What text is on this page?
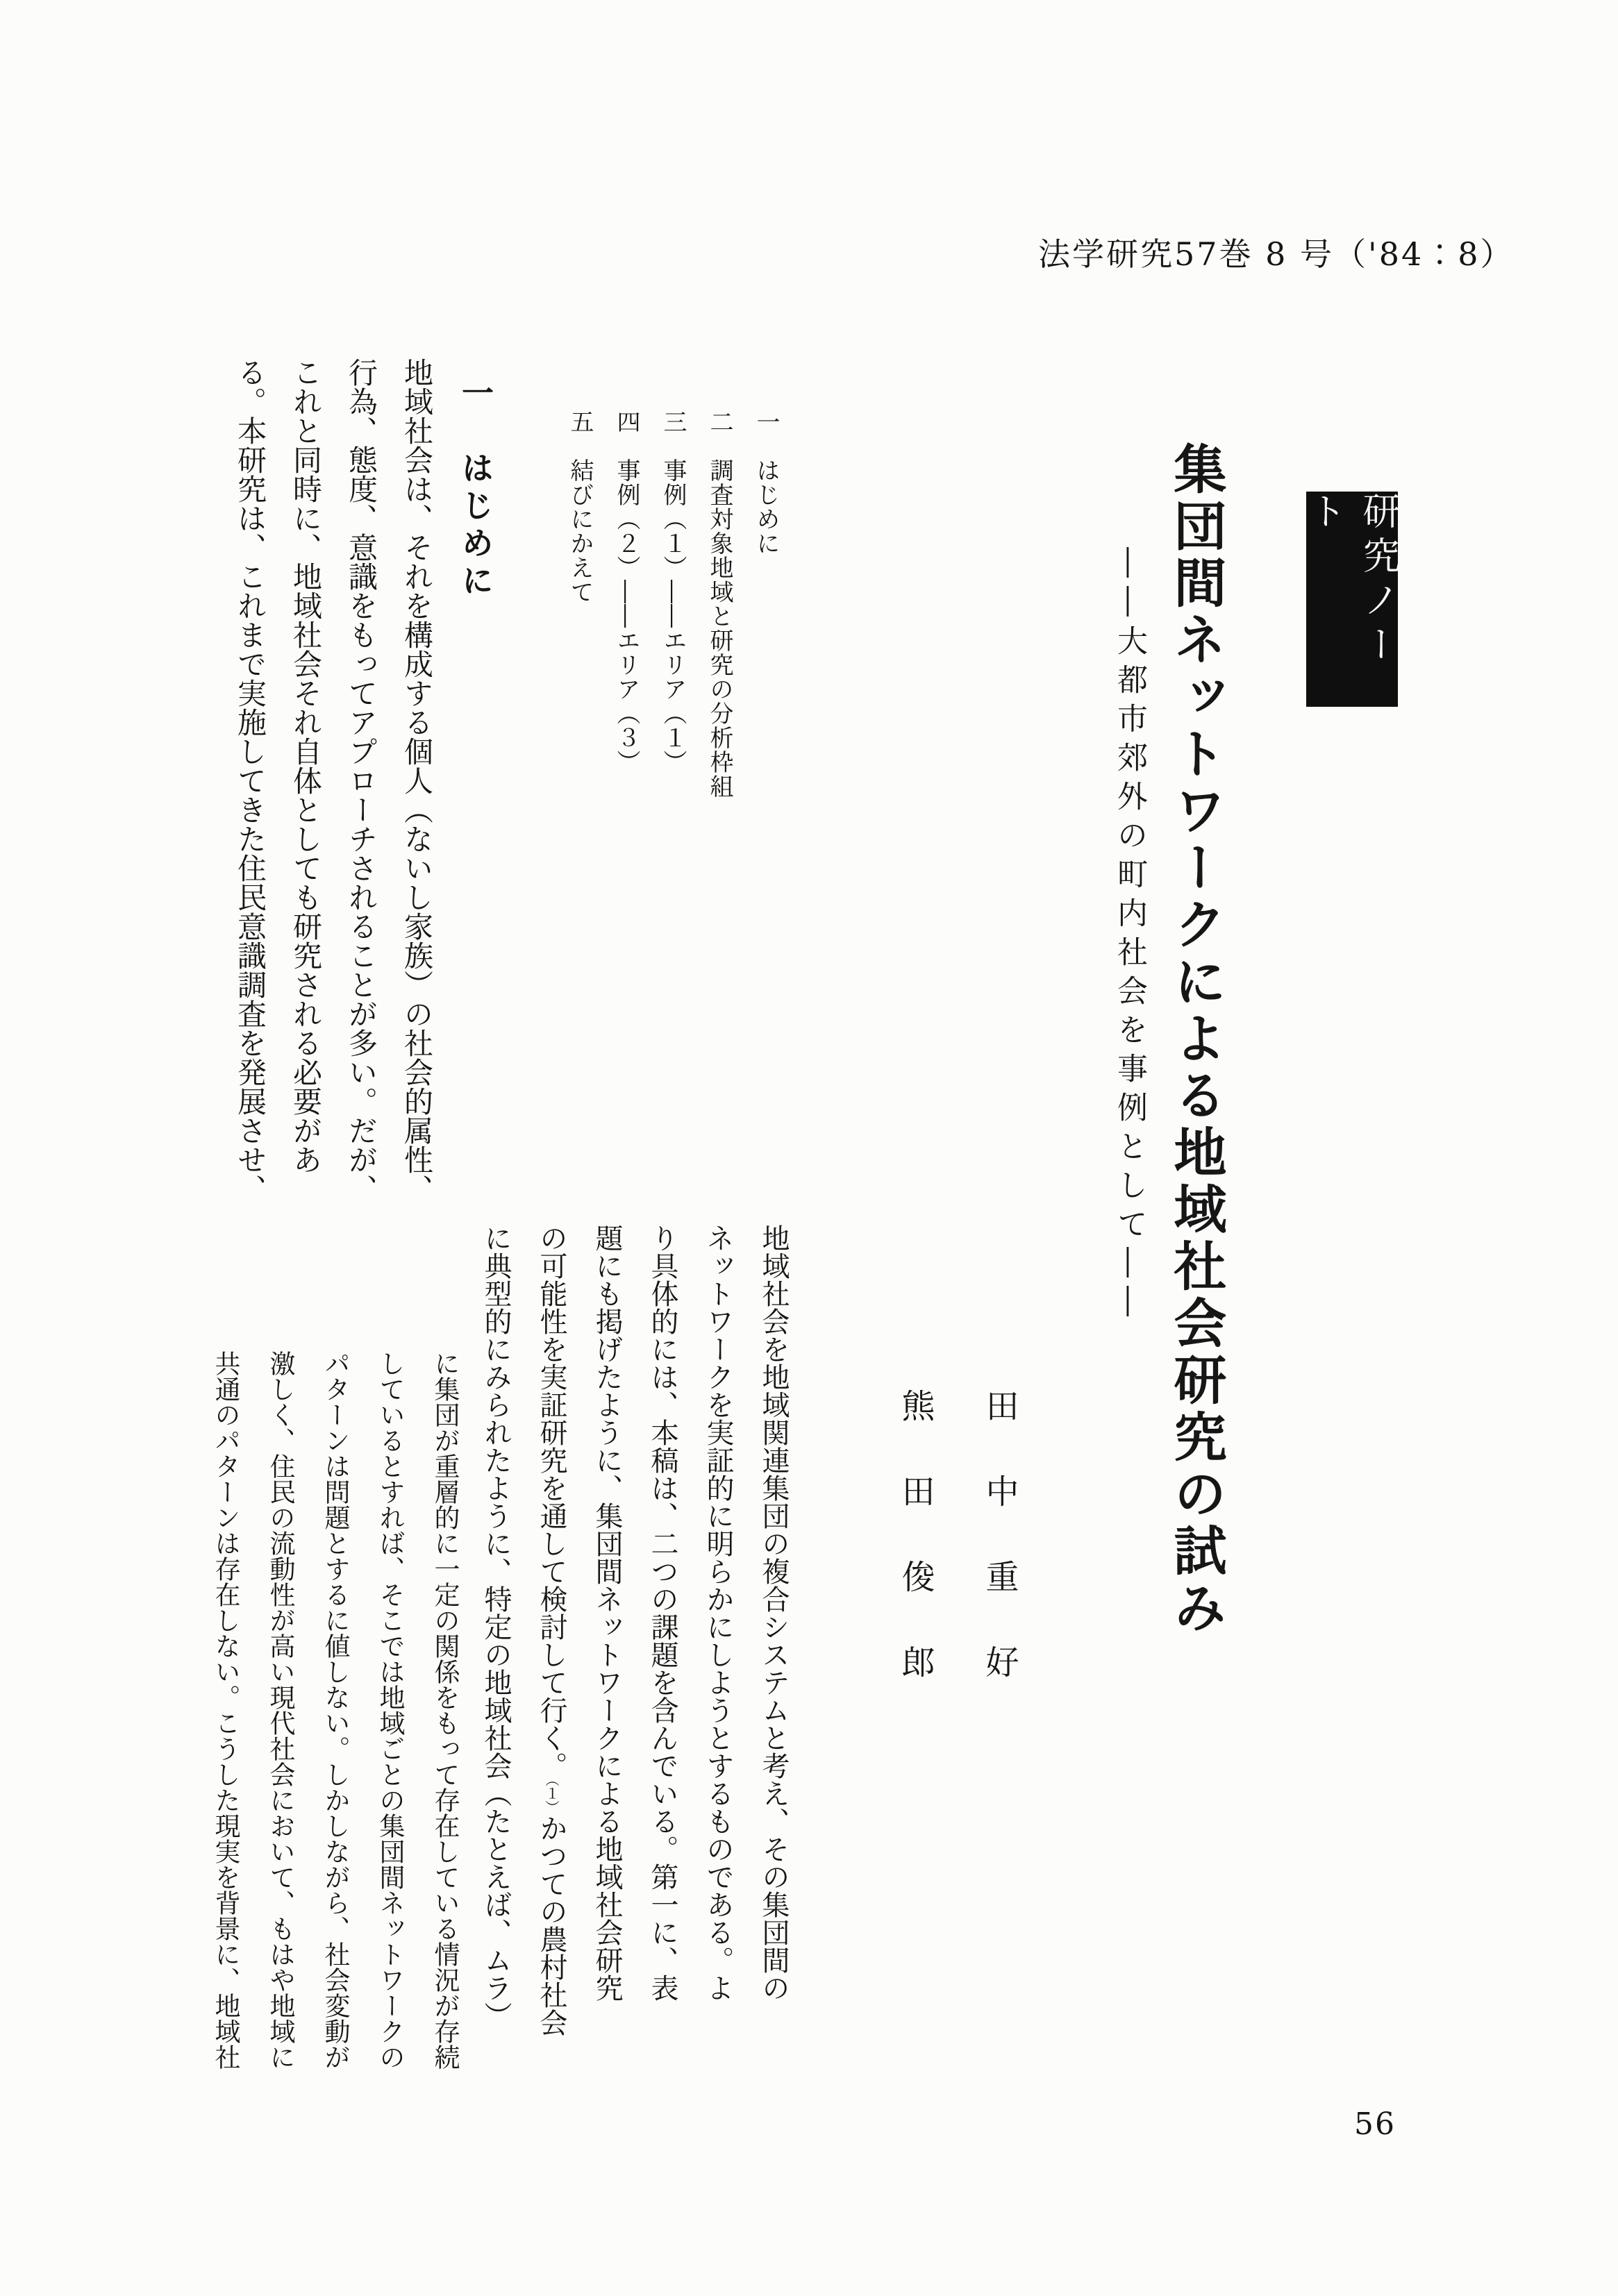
法学研究57巻 8 号（'84：8）
研究ノート
集団間ネットワークによる地域社会研究の試み
――大都市郊外の町内社会を事例として――
田中重好
熊田俊郎
一　はじめに
二　調査対象地域と研究の分析枠組
三　事例（１）――エリア（１）
四　事例（２）――エリア（３）
五　結びにかえて
一　はじめに
地域社会は、それを構成する個人（ないし家族）の社会的属性、
行為、態度、意識をもってアプローチされることが多い。だが、
これと同時に、地域社会それ自体としても研究される必要があ
る。本研究は、これまで実施してきた住民意識調査を発展させ、
地域社会を地域関連集団の複合システムと考え、その集団間の
ネットワークを実証的に明らかにしようとするものである。よ
り具体的には、本稿は、二つの課題を含んでいる。第一に、表
題にも掲げたように、集団間ネットワークによる地域社会研究
の可能性を実証研究を通して検討して行く。（１）かつての農村社会
に典型的にみられたように、特定の地域社会（たとえば、ムラ）
に集団が重層的に一定の関係をもって存在している情況が存続
しているとすれば、そこでは地域ごとの集団間ネットワークの
パターンは問題とするに値しない。しかしながら、社会変動が
激しく、住民の流動性が高い現代社会において、もはや地域に
共通のパターンは存在しない。こうした現実を背景に、地域社
56
